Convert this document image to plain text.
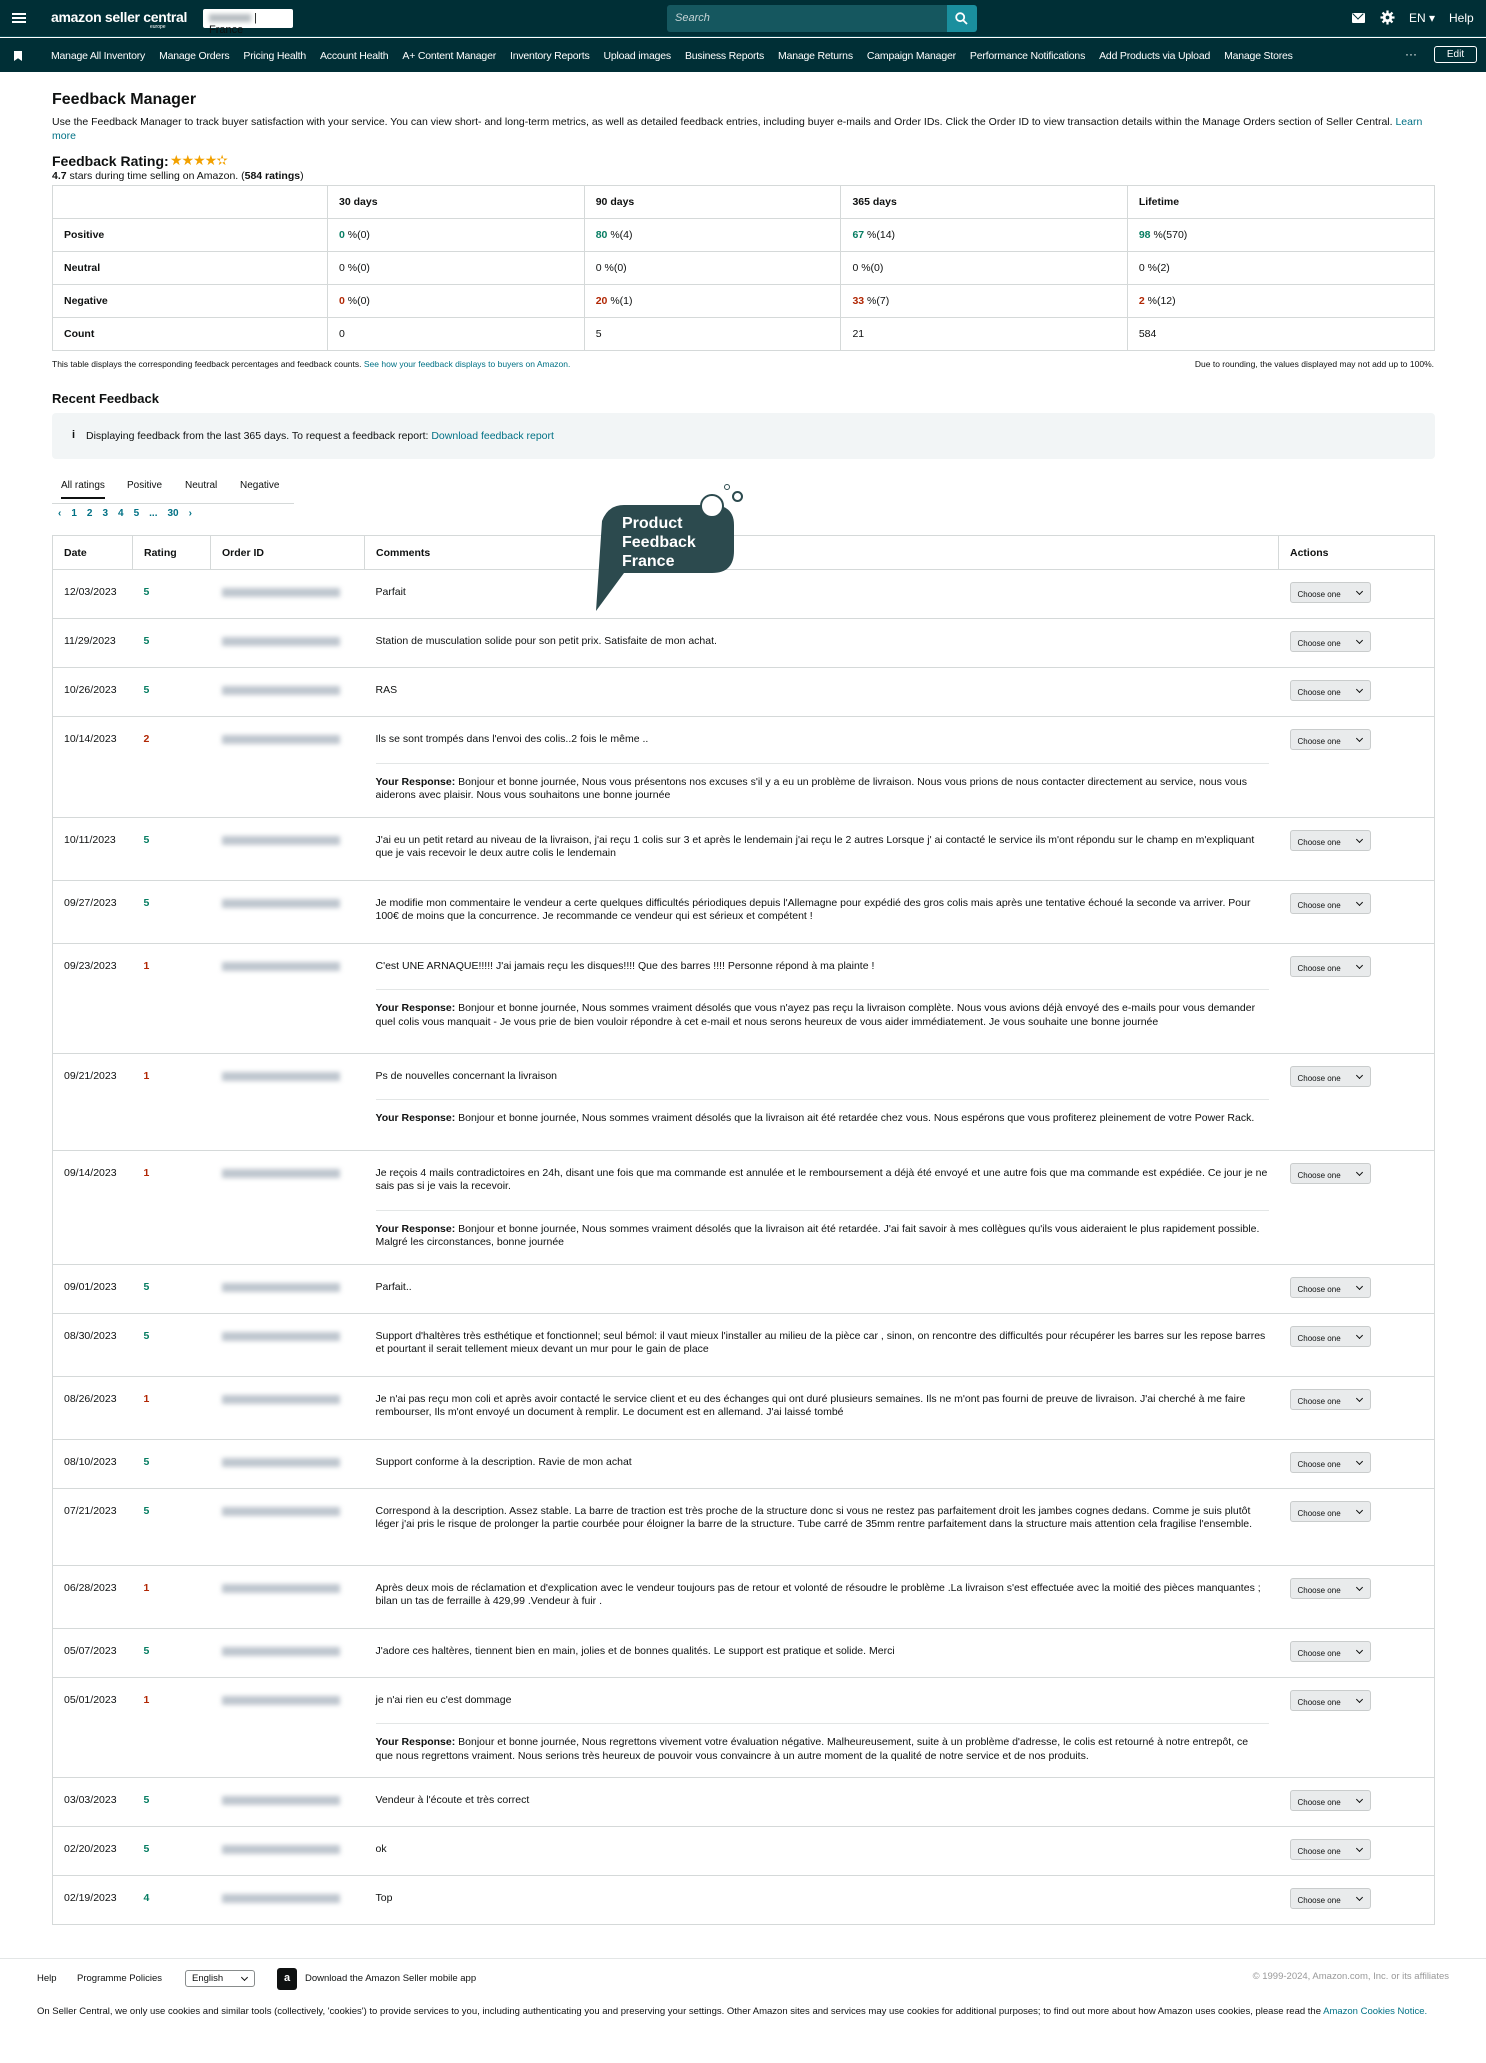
amazon seller central
europe
| France
Search	EN ▾ Help
Manage All Inventory Manage Orders Pricing Health Account Health A+ Content Manager Inventory Reports Upload images Business Reports Manage Returns Campaign Manager Performance Notifications Add Products via Upload Manage Stores	···	Edit
Feedback Manager
Use the Feedback Manager to track buyer satisfaction with your service. You can view short- and long-term metrics, as well as detailed feedback entries, including buyer e-mails and Order IDs. Click the Order ID to view transaction details within the Manage Orders section of Seller Central. Learn more
Feedback Rating: ★★★★✫
4.7 stars during time selling on Amazon. (584 ratings)
	30 days	90 days	365 days	Lifetime
Positive	0 %(0)	80 %(4)	67 %(14)	98 %(570)
Neutral	0 %(0)	0 %(0)	0 %(0)	0 %(2)
Negative	0 %(0)	20 %(1)	33 %(7)	2 %(12)
Count	0	5	21	584
This table displays the corresponding feedback percentages and feedback counts. See how your feedback displays to buyers on Amazon.	Due to rounding, the values displayed may not add up to 100%.
Recent Feedback
i Displaying feedback from the last 365 days. To request a feedback report: Download feedback report
All ratings Positive Neutral Negative
‹ 1 2 3 4 5 ... 30 ›
Date	Rating	Order ID	Comments	Actions
12/03/2023	5		Parfait	Choose one
11/29/2023	5		Station de musculation solide pour son petit prix. Satisfaite de mon achat.	Choose one
10/26/2023	5		RAS	Choose one
10/14/2023	2		Ils se sont trompés dans l'envoi des colis..2 fois le même ..
Your Response: Bonjour et bonne journée, Nous vous présentons nos excuses s'il y a eu un problème de livraison. Nous vous prions de nous contacter directement au service, nous vous aiderons avec plaisir. Nous vous souhaitons une bonne journée	Choose one
10/11/2023	5		J'ai eu un petit retard au niveau de la livraison, j'ai reçu 1 colis sur 3 et après le lendemain j'ai reçu le 2 autres Lorsque j' ai contacté le service ils m'ont répondu sur le champ en m'expliquant que je vais recevoir le deux autre colis le lendemain	Choose one
09/27/2023	5		Je modifie mon commentaire le vendeur a certe quelques difficultés périodiques depuis l'Allemagne pour expédié des gros colis mais après une tentative échoué la seconde va arriver. Pour 100€ de moins que la concurrence. Je recommande ce vendeur qui est sérieux et compétent !	Choose one
09/23/2023	1		C'est UNE ARNAQUE!!!!! J'ai jamais reçu les disques!!!! Que des barres !!!! Personne répond à ma plainte !
Your Response: Bonjour et bonne journée, Nous sommes vraiment désolés que vous n'ayez pas reçu la livraison complète. Nous vous avions déjà envoyé des e-mails pour vous demander quel colis vous manquait - Je vous prie de bien vouloir répondre à cet e-mail et nous serons heureux de vous aider immédiatement. Je vous souhaite une bonne journée	Choose one
09/21/2023	1		Ps de nouvelles concernant la livraison
Your Response: Bonjour et bonne journée, Nous sommes vraiment désolés que la livraison ait été retardée chez vous. Nous espérons que vous profiterez pleinement de votre Power Rack.	Choose one
09/14/2023	1		Je reçois 4 mails contradictoires en 24h, disant une fois que ma commande est annulée et le remboursement a déjà été envoyé et une autre fois que ma commande est expédiée. Ce jour je ne sais pas si je vais la recevoir.
Your Response: Bonjour et bonne journée, Nous sommes vraiment désolés que la livraison ait été retardée. J'ai fait savoir à mes collègues qu'ils vous aideraient le plus rapidement possible. Malgré les circonstances, bonne journée	Choose one
09/01/2023	5		Parfait..	Choose one
08/30/2023	5		Support d'haltères très esthétique et fonctionnel; seul bémol: il vaut mieux l'installer au milieu de la pièce car , sinon, on rencontre des difficultés pour récupérer les barres sur les repose barres et pourtant il serait tellement mieux devant un mur pour le gain de place	Choose one
08/26/2023	1		Je n'ai pas reçu mon coli et après avoir contacté le service client et eu des échanges qui ont duré plusieurs semaines. Ils ne m'ont pas fourni de preuve de livraison. J'ai cherché à me faire rembourser, Ils m'ont envoyé un document à remplir. Le document est en allemand. J'ai laissé tombé	Choose one
08/10/2023	5		Support conforme à la description. Ravie de mon achat	Choose one
07/21/2023	5		Correspond à la description. Assez stable. La barre de traction est très proche de la structure donc si vous ne restez pas parfaitement droit les jambes cognes dedans. Comme je suis plutôt léger j'ai pris le risque de prolonger la partie courbée pour éloigner la barre de la structure. Tube carré de 35mm rentre parfaitement dans la structure mais attention cela fragilise l'ensemble.	Choose one
06/28/2023	1		Après deux mois de réclamation et d'explication avec le vendeur toujours pas de retour et volonté de résoudre le problème .La livraison s'est effectuée avec la moitié des pièces manquantes ; bilan un tas de ferraille à 429,99 .Vendeur à fuir .	Choose one
05/07/2023	5		J'adore ces haltères, tiennent bien en main, jolies et de bonnes qualités. Le support est pratique et solide. Merci	Choose one
05/01/2023	1		je n'ai rien eu c'est dommage
Your Response: Bonjour et bonne journée, Nous regrettons vivement votre évaluation négative. Malheureusement, suite à un problème d'adresse, le colis est retourné à notre entrepôt, ce que nous regrettons vraiment. Nous serions très heureux de pouvoir vous convaincre à un autre moment de la qualité de notre service et de nos produits.	Choose one
03/03/2023	5		Vendeur à l'écoute et très correct	Choose one
02/20/2023	5		ok	Choose one
02/19/2023	4		Top	Choose one
Product Feedback France
Help Programme Policies	English	a	Download the Amazon Seller mobile app	© 1999-2024, Amazon.com, Inc. or its affiliates
On Seller Central, we only use cookies and similar tools (collectively, 'cookies') to provide services to you, including authenticating you and preserving your settings. Other Amazon sites and services may use cookies for additional purposes; to find out more about how Amazon uses cookies, please read the Amazon Cookies Notice.
